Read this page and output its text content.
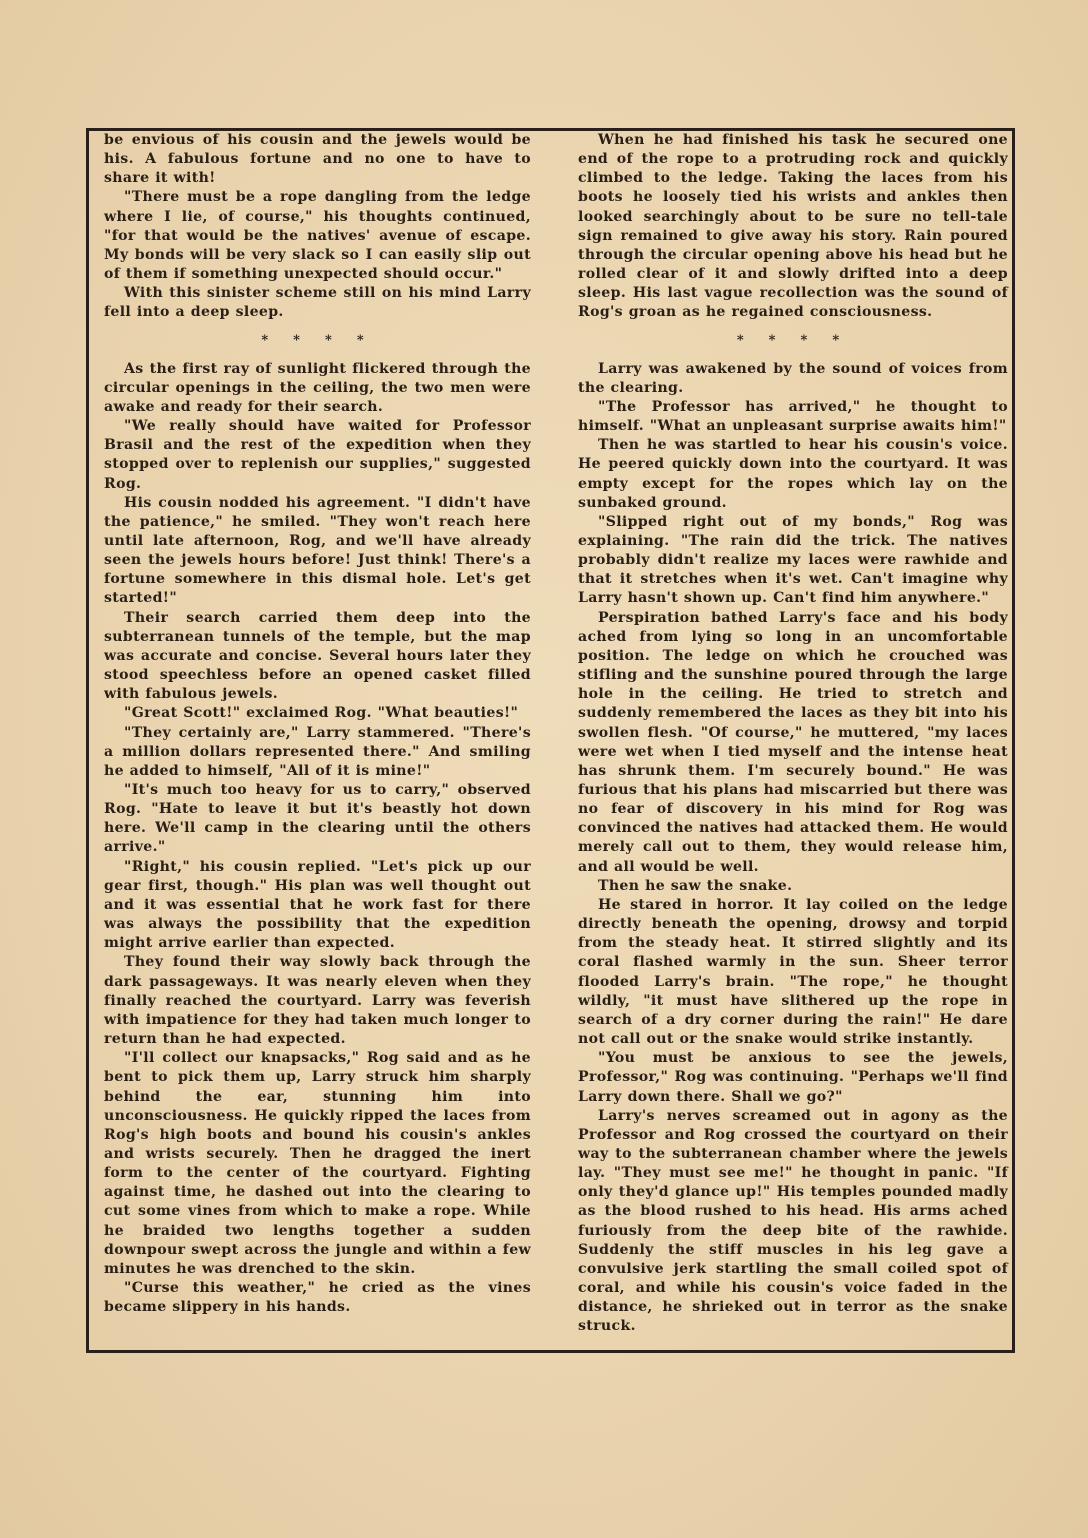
be envious of his cousin and the jewels would be his. A fabulous fortune and no one to have to share it with!

"There must be a rope dangling from the ledge where I lie, of course," his thoughts continued, "for that would be the natives' avenue of escape. My bonds will be very slack so I can easily slip out of them if something unexpected should occur."

With this sinister scheme still on his mind Larry fell into a deep sleep.

* * * *

As the first ray of sunlight flickered through the circular openings in the ceiling, the two men were awake and ready for their search.

"We really should have waited for Professor Brasil and the rest of the expedition when they stopped over to replenish our supplies," suggested Rog.

His cousin nodded his agreement. "I didn't have the patience," he smiled. "They won't reach here until late afternoon, Rog, and we'll have already seen the jewels hours before! Just think! There's a fortune somewhere in this dismal hole. Let's get started!"

Their search carried them deep into the subterranean tunnels of the temple, but the map was accurate and concise. Several hours later they stood speechless before an opened casket filled with fabulous jewels.

"Great Scott!" exclaimed Rog. "What beauties!"

"They certainly are," Larry stammered. "There's a million dollars represented there." And smiling he added to himself, "All of it is mine!"

"It's much too heavy for us to carry," observed Rog. "Hate to leave it but it's beastly hot down here. We'll camp in the clearing until the others arrive."

"Right," his cousin replied. "Let's pick up our gear first, though." His plan was well thought out and it was essential that he work fast for there was always the possibility that the expedition might arrive earlier than expected.

They found their way slowly back through the dark passageways. It was nearly eleven when they finally reached the courtyard. Larry was feverish with impatience for they had taken much longer to return than he had expected.

"I'll collect our knapsacks," Rog said and as he bent to pick them up, Larry struck him sharply behind the ear, stunning him into unconsciousness. He quickly ripped the laces from Rog's high boots and bound his cousin's ankles and wrists securely. Then he dragged the inert form to the center of the courtyard. Fighting against time, he dashed out into the clearing to cut some vines from which to make a rope. While he braided two lengths together a sudden downpour swept across the jungle and within a few minutes he was drenched to the skin.

"Curse this weather," he cried as the vines became slippery in his hands.

When he had finished his task he secured one end of the rope to a protruding rock and quickly climbed to the ledge. Taking the laces from his boots he loosely tied his wrists and ankles then looked searchingly about to be sure no tell-tale sign remained to give away his story. Rain poured through the circular opening above his head but he rolled clear of it and slowly drifted into a deep sleep. His last vague recollection was the sound of Rog's groan as he regained consciousness.

* * * *

Larry was awakened by the sound of voices from the clearing.

"The Professor has arrived," he thought to himself. "What an unpleasant surprise awaits him!"

Then he was startled to hear his cousin's voice. He peered quickly down into the courtyard. It was empty except for the ropes which lay on the sunbaked ground.

"Slipped right out of my bonds," Rog was explaining. "The rain did the trick. The natives probably didn't realize my laces were rawhide and that it stretches when it's wet. Can't imagine why Larry hasn't shown up. Can't find him anywhere."

Perspiration bathed Larry's face and his body ached from lying so long in an uncomfortable position. The ledge on which he crouched was stifling and the sunshine poured through the large hole in the ceiling. He tried to stretch and suddenly remembered the laces as they bit into his swollen flesh. "Of course," he muttered, "my laces were wet when I tied myself and the intense heat has shrunk them. I'm securely bound." He was furious that his plans had miscarried but there was no fear of discovery in his mind for Rog was convinced the natives had attacked them. He would merely call out to them, they would release him, and all would be well.

Then he saw the snake.

He stared in horror. It lay coiled on the ledge directly beneath the opening, drowsy and torpid from the steady heat. It stirred slightly and its coral flashed warmly in the sun. Sheer terror flooded Larry's brain. "The rope," he thought wildly, "it must have slithered up the rope in search of a dry corner during the rain!" He dare not call out or the snake would strike instantly.

"You must be anxious to see the jewels, Professor," Rog was continuing. "Perhaps we'll find Larry down there. Shall we go?"

Larry's nerves screamed out in agony as the Professor and Rog crossed the courtyard on their way to the subterranean chamber where the jewels lay. "They must see me!" he thought in panic. "If only they'd glance up!" His temples pounded madly as the blood rushed to his head. His arms ached furiously from the deep bite of the rawhide. Suddenly the stiff muscles in his leg gave a convulsive jerk startling the small coiled spot of coral, and while his cousin's voice faded in the distance, he shrieked out in terror as the snake struck.
